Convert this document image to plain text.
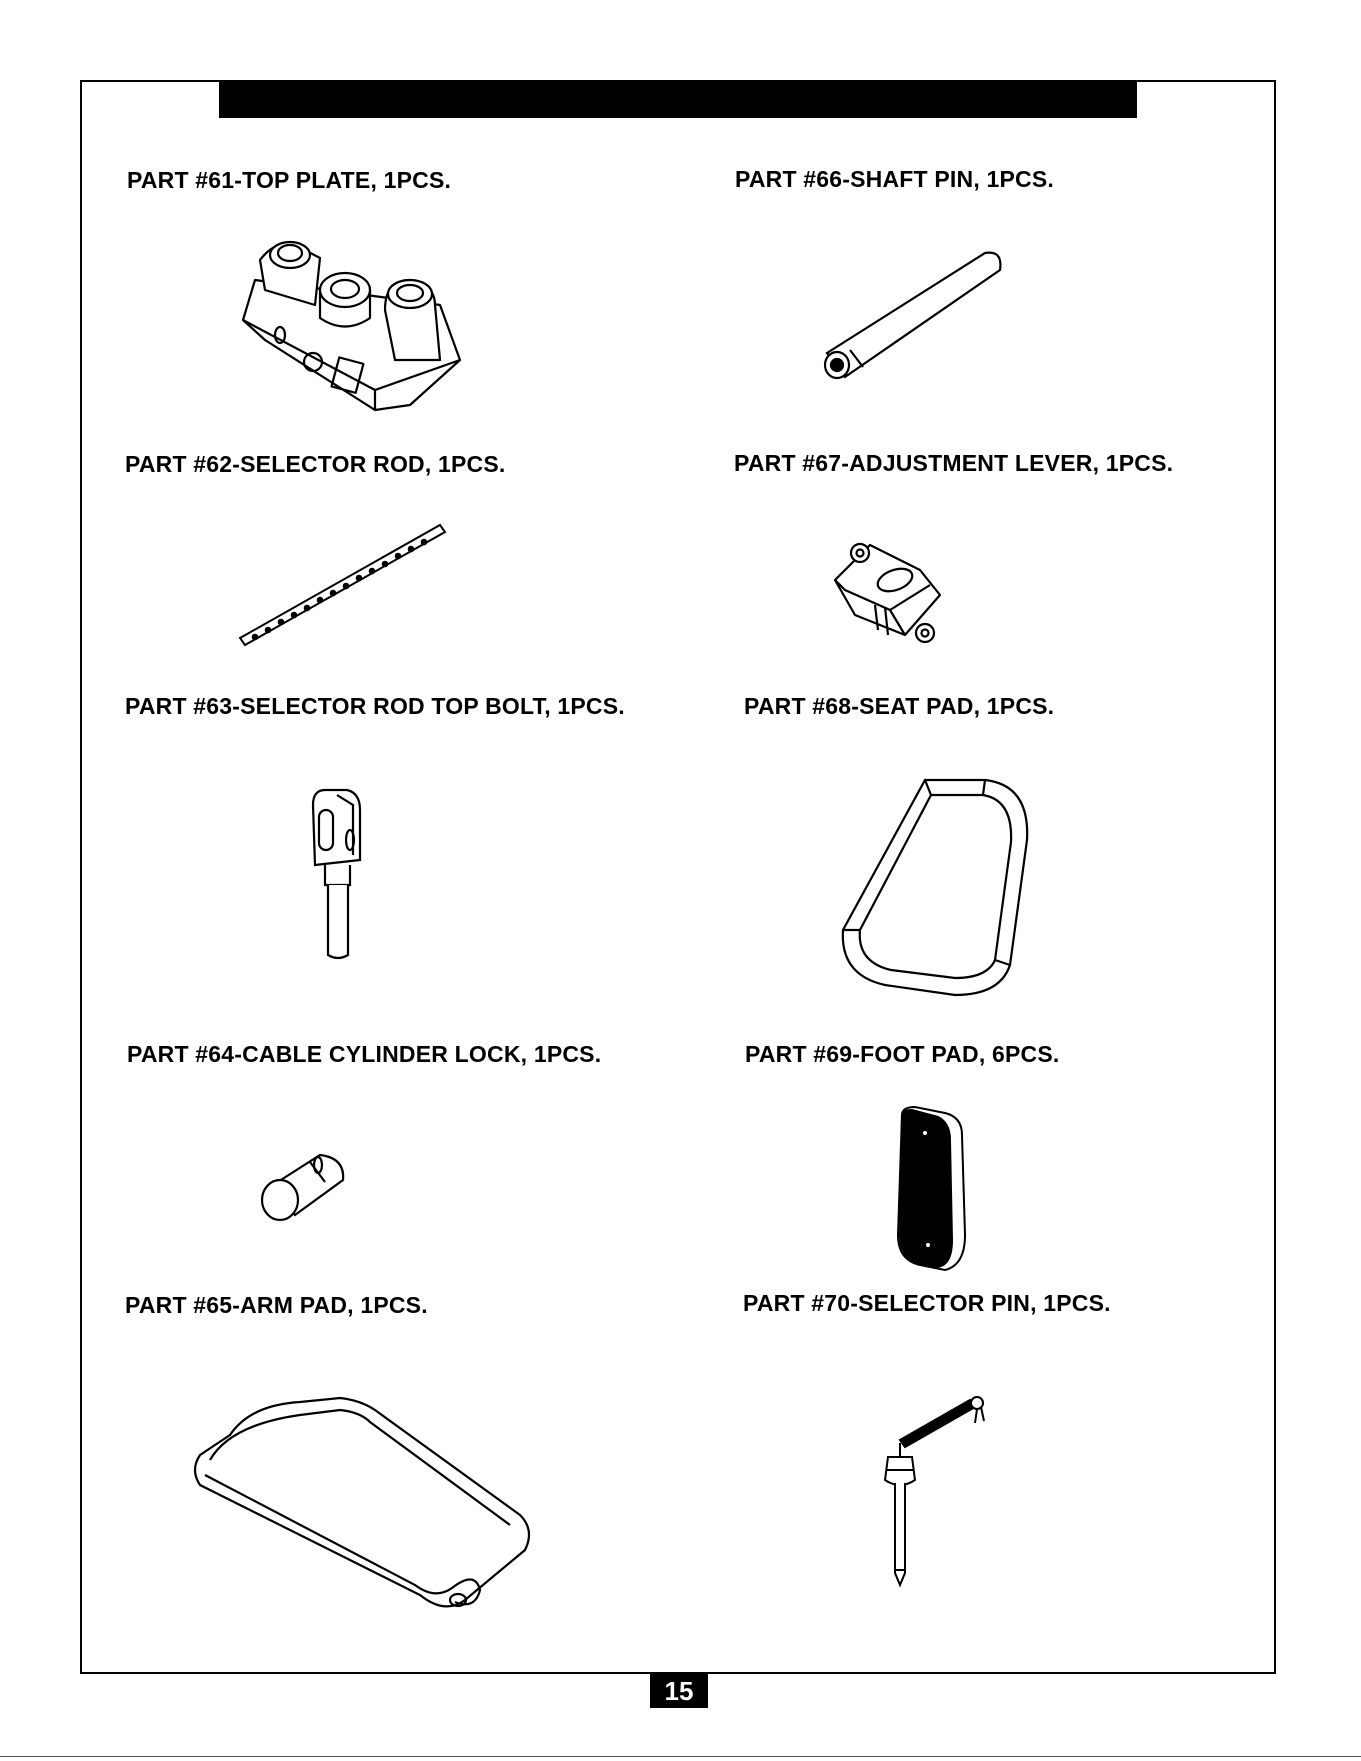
PART #61-TOP PLATE, 1PCS.	PART #66-SHAFT PIN, 1PCS.
PART #62-SELECTOR ROD, 1PCS.	PART #67-ADJUSTMENT LEVER, 1PCS.
PART #63-SELECTOR ROD TOP BOLT, 1PCS.	PART #68-SEAT PAD, 1PCS.
PART #64-CABLE CYLINDER LOCK, 1PCS.	PART #69-FOOT PAD, 6PCS.
PART #65-ARM PAD, 1PCS.	PART #70-SELECTOR PIN, 1PCS.
15
